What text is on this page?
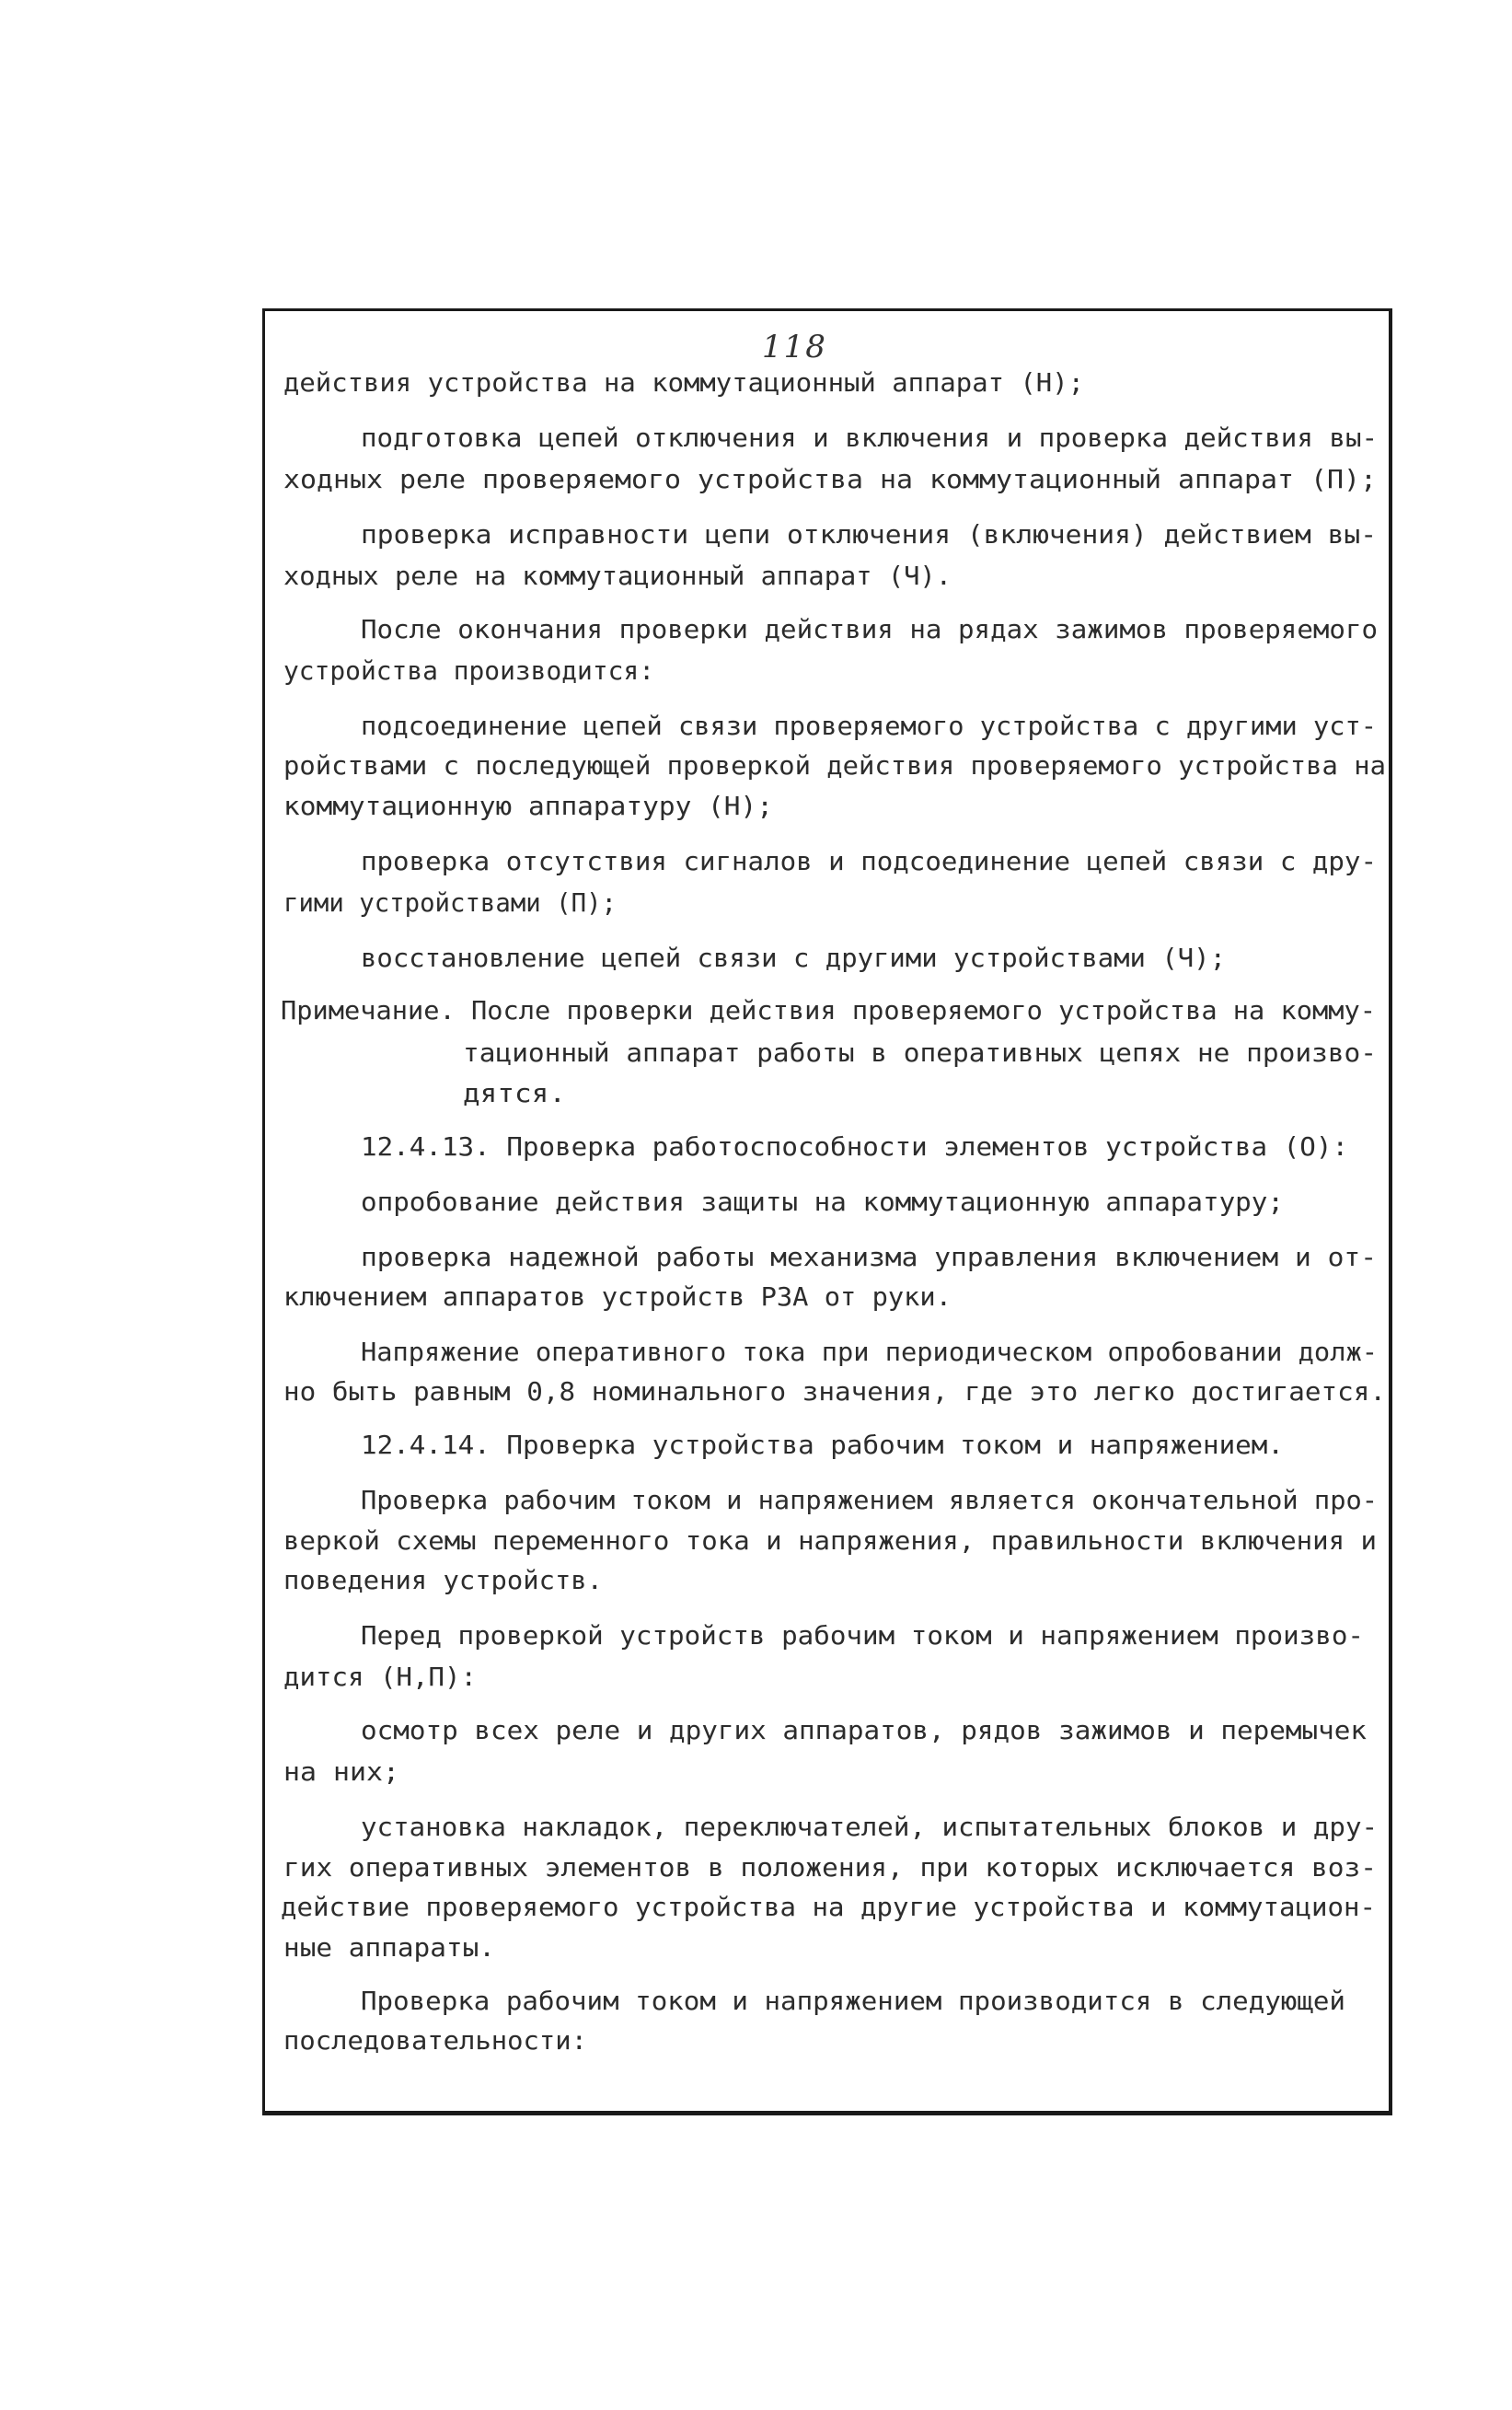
118
действия устройства на коммутационный аппарат (Н);
подготовка цепей отключения и включения и проверка действия вы-
ходных реле проверяемого устройства на коммутационный аппарат (П);
проверка исправности цепи отключения (включения) действием вы-
ходных реле на коммутационный аппарат (Ч).
После окончания проверки действия на рядах зажимов проверяемого
устройства производится:
подсоединение цепей связи проверяемого устройства с другими уст-
ройствами с последующей проверкой действия проверяемого устройства на
коммутационную аппаратуру (Н);
проверка отсутствия сигналов и подсоединение цепей связи с дру-
гими устройствами (П);
восстановление цепей связи с другими устройствами (Ч);
Примечание. После проверки действия проверяемого устройства на комму-
тационный аппарат работы в оперативных цепях не произво-
дятся.
12.4.13. Проверка работоспособности элементов устройства (О):
опробование действия защиты на коммутационную аппаратуру;
проверка надежной работы механизма управления включением и от-
ключением аппаратов устройств РЗА от руки.
Напряжение оперативного тока при периодическом опробовании долж-
но быть равным 0,8 номинального значения, где это легко достигается.
12.4.14. Проверка устройства рабочим током и напряжением.
Проверка рабочим током и напряжением является окончательной про-
веркой схемы переменного тока и напряжения, правильности включения и
поведения устройств.
Перед проверкой устройств рабочим током и напряжением произво-
дится (Н,П):
осмотр всех реле и других аппаратов, рядов зажимов и перемычек
на них;
установка накладок, переключателей, испытательных блоков и дру-
гих оперативных элементов в положения, при которых исключается воз-
действие проверяемого устройства на другие устройства и коммутацион-
ные аппараты.
Проверка рабочим током и напряжением производится в следующей
последовательности:
